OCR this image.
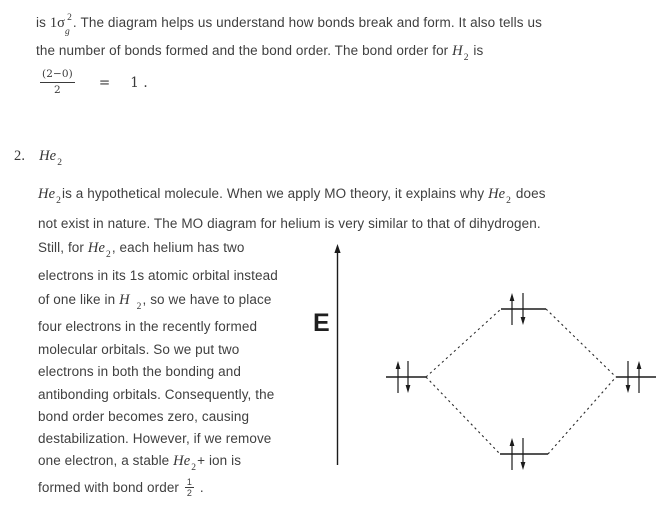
is 1σ 2g. The diagram helps us understand how bonds break and form. It also tells us
the number of bonds formed and the bond order. The bond order for H2 is
$\frac{(2-0)}{2} = 1$ .
2. He2
He2is a hypothetical molecule. When we apply MO theory, it explains why He2 does
not exist in nature. The MO diagram for helium is very similar to that of dihydrogen.
Still, for He2, each helium has two
electrons in its 1s atomic orbital instead
of one like in H 2, so we have to place
four electrons in the recently formed
molecular orbitals. So we put two
electrons in both the bonding and
antibonding orbitals. Consequently, the
bond order becomes zero, causing
destabilization. However, if we remove
one electron, a stable He2+ ion is
formed with bond order $\frac{1}{2}$ .
E
